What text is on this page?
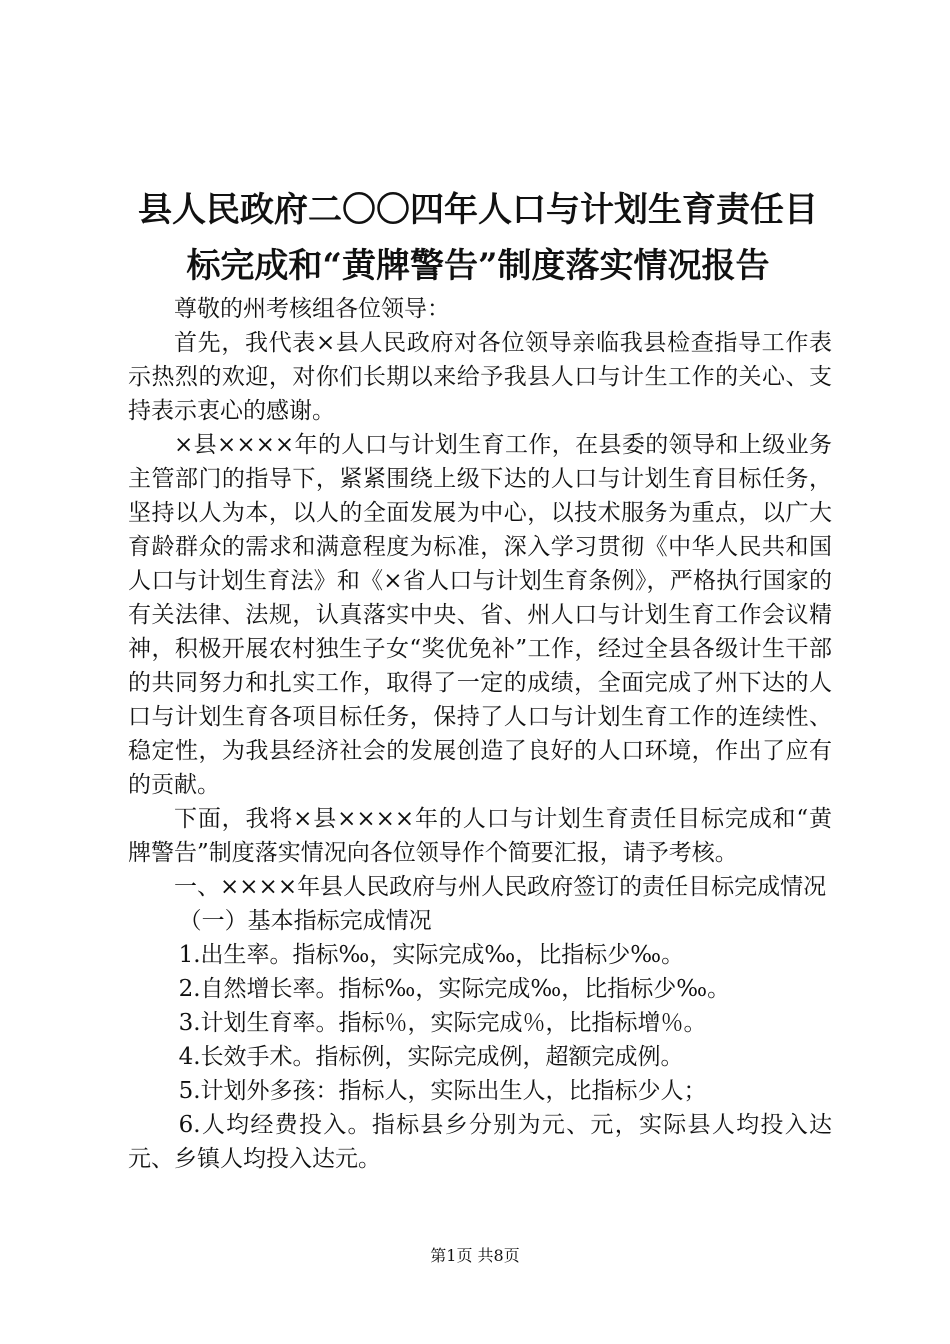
县人民政府二〇〇四年人口与计划生育责任目
标完成和“黄牌警告”制度落实情况报告

尊敬的州考核组各位领导：

首先，我代表×县人民政府对各位领导亲临我县检查指导工作表示热烈的欢迎，对你们长期以来给予我县人口与计生工作的关心、支持表示衷心的感谢。

×县××××年的人口与计划生育工作，在县委的领导和上级业务主管部门的指导下，紧紧围绕上级下达的人口与计划生育目标任务，坚持以人为本，以人的全面发展为中心，以技术服务为重点，以广大育龄群众的需求和满意程度为标准，深入学习贯彻《中华人民共和国人口与计划生育法》和《×省人口与计划生育条例》，严格执行国家的有关法律、法规，认真落实中央、省、州人口与计划生育工作会议精神，积极开展农村独生子女“奖优免补”工作，经过全县各级计生干部的共同努力和扎实工作，取得了一定的成绩，全面完成了州下达的人口与计划生育各项目标任务，保持了人口与计划生育工作的连续性、稳定性，为我县经济社会的发展创造了良好的人口环境，作出了应有的贡献。

下面，我将×县××××年的人口与计划生育责任目标完成和“黄牌警告”制度落实情况向各位领导作个简要汇报，请予考核。

一、××××年县人民政府与州人民政府签订的责任目标完成情况

（一）基本指标完成情况

1.出生率。指标‰，实际完成‰，比指标少‰。

2.自然增长率。指标‰，实际完成‰，比指标少‰。

3.计划生育率。指标％，实际完成％，比指标增％。

4.长效手术。指标例，实际完成例，超额完成例。

5.计划外多孩：指标人，实际出生人，比指标少人；

6.人均经费投入。指标县乡分别为元、元，实际县人均投入达元、乡镇人均投入达元。

第1页 共8页
